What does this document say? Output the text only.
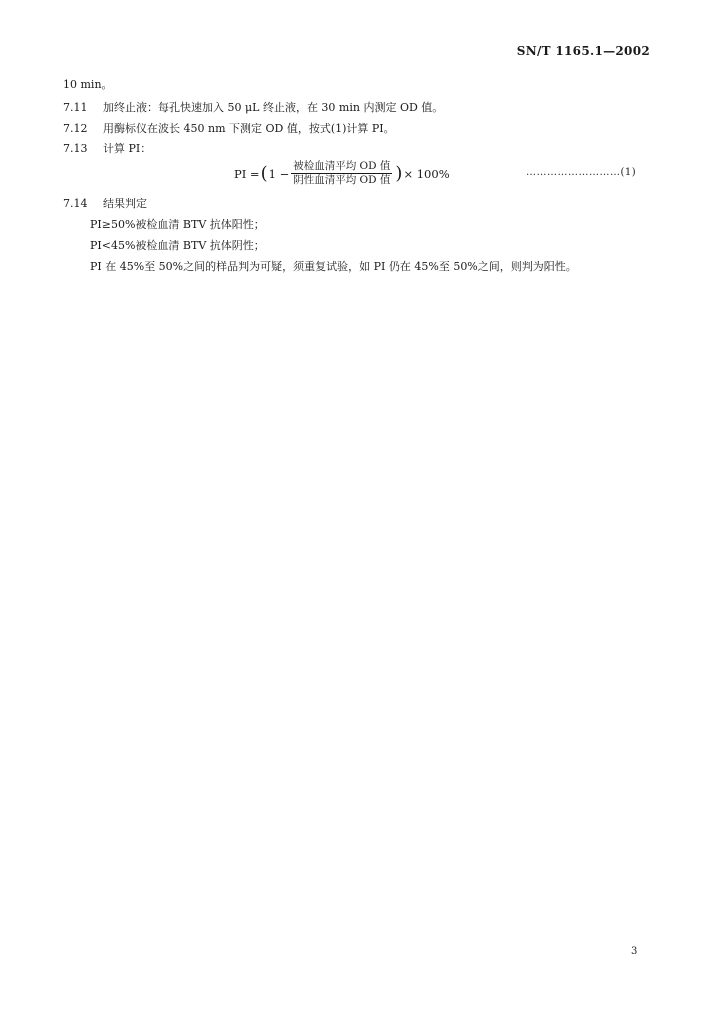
SN/T 1165.1—2002
10 min。
7.11 加终止液：每孔快速加入 50 μL 终止液，在 30 min 内测定 OD 值。
7.12 用酶标仪在波长 450 nm 下测定 OD 值，按式(1)计算 PI。
7.13 计算 PI：
PI = ( $1 - \frac{\text{被检血清平均 OD 值}}{\text{阴性血清平均 OD 值}}$ ) × 100%	………………………(1)
7.14 结果判定
PI≥50%被检血清 BTV 抗体阳性；
PI<45%被检血清 BTV 抗体阴性；
PI 在 45%至 50%之间的样品判为可疑，须重复试验，如 PI 仍在 45%至 50%之间，则判为阳性。
3
